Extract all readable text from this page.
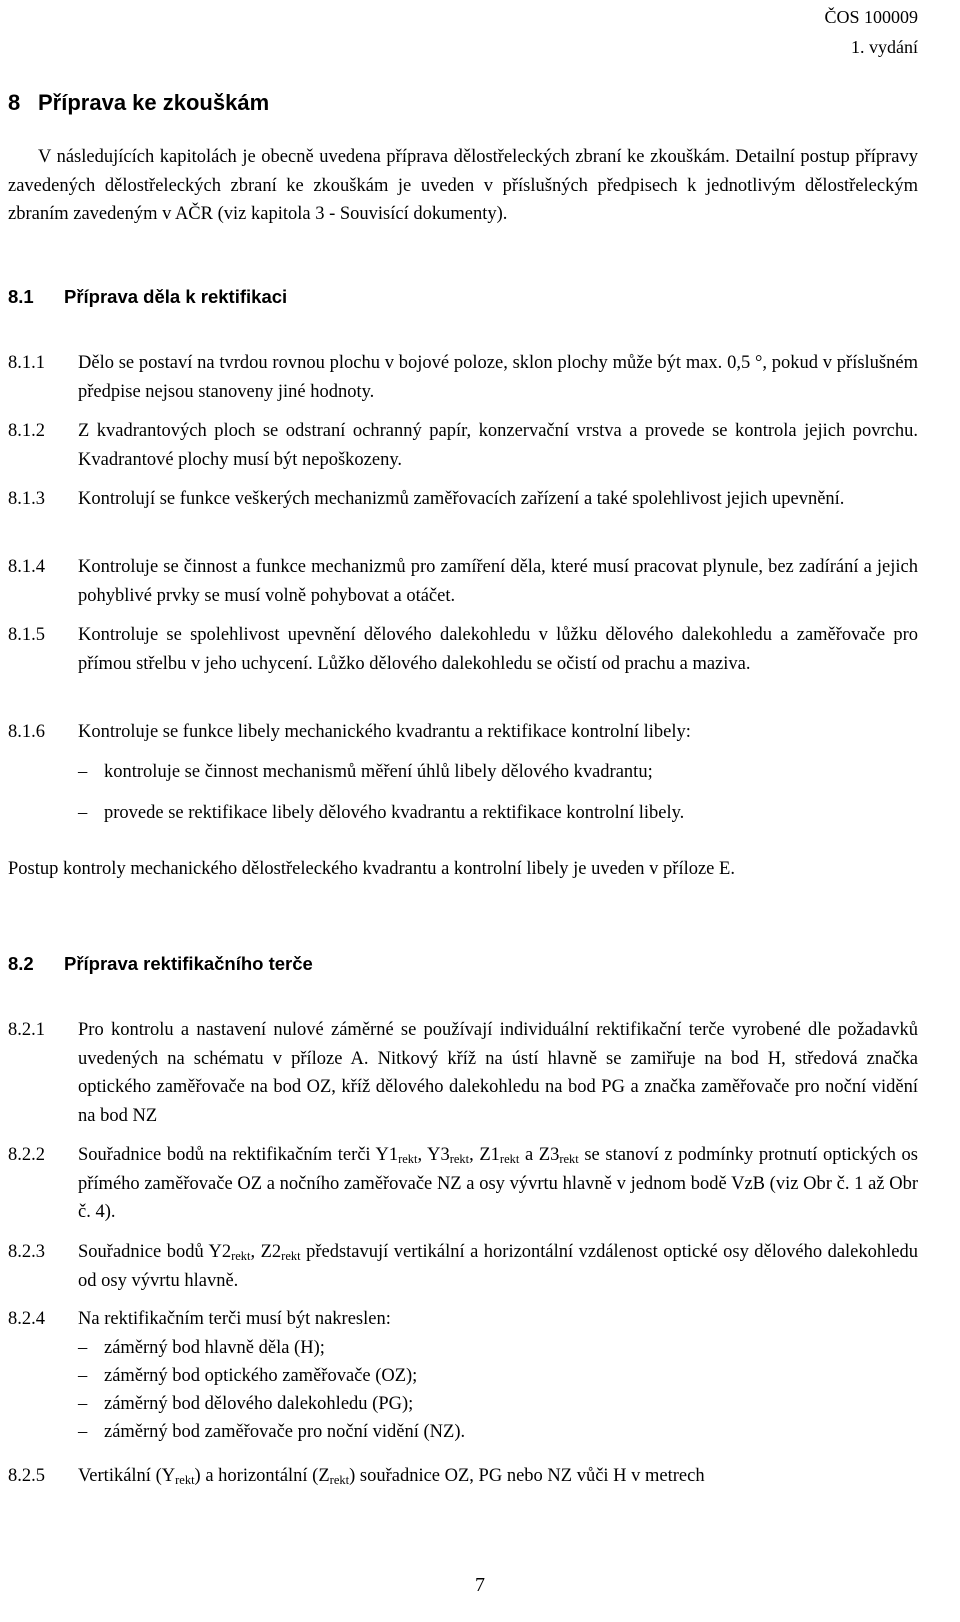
ČOS 100009
1. vydání
8 Příprava ke zkouškám
V následujících kapitolách je obecně uvedena příprava dělostřeleckých zbraní ke zkouškám. Detailní postup přípravy zavedených dělostřeleckých zbraní ke zkouškám je uveden v příslušných předpisech k jednotlivým dělostřeleckým zbraním zavedeným v AČR (viz kapitola 3 - Souvisící dokumenty).
8.1 Příprava děla k rektifikaci
8.1.1 Dělo se postaví na tvrdou rovnou plochu v bojové poloze, sklon plochy může být max. 0,5 °, pokud v příslušném předpise nejsou stanoveny jiné hodnoty.
8.1.2 Z kvadrantových ploch se odstraní ochranný papír, konzervační vrstva a provede se kontrola jejich povrchu. Kvadrantové plochy musí být nepoškozeny.
8.1.3 Kontrolují se funkce veškerých mechanizmů zaměřovacích zařízení a také spolehlivost jejich upevnění.
8.1.4 Kontroluje se činnost a funkce mechanizmů pro zamíření děla, které musí pracovat plynule, bez zadírání a jejich pohyblivé prvky se musí volně pohybovat a otáčet.
8.1.5 Kontroluje se spolehlivost upevnění dělového dalekohledu v lůžku dělového dalekohledu a zaměřovače pro přímou střelbu v jeho uchycení. Lůžko dělového dalekohledu se očistí od prachu a maziva.
8.1.6 Kontroluje se funkce libely mechanického kvadrantu a rektifikace kontrolní libely:
– kontroluje se činnost mechanismů měření úhlů libely dělového kvadrantu;
– provede se rektifikace libely dělového kvadrantu a rektifikace kontrolní libely.
Postup kontroly mechanického dělostřeleckého kvadrantu a kontrolní libely je uveden v příloze E.
8.2 Příprava rektifikačního terče
8.2.1 Pro kontrolu a nastavení nulové záměrné se používají individuální rektifikační terče vyrobené dle požadavků uvedených na schématu v příloze A. Nitkový kříž na ústí hlavně se zamiřuje na bod H, středová značka optického zaměřovače na bod OZ, kříž dělového dalekohledu na bod PG a značka zaměřovače pro noční vidění na bod NZ
8.2.2 Souřadnice bodů na rektifikačním terči $Y1_{rekt}$, $Y3_{rekt}$, $Z1_{rekt}$ a $Z3_{rekt}$ se stanoví z podmínky protnutí optických os přímého zaměřovače OZ a nočního zaměřovače NZ a osy vývrtu hlavně v jednom bodě VzB (viz Obr č. 1 až Obr č. 4).
8.2.3 Souřadnice bodů $Y2_{rekt}$, $Z2_{rekt}$ představují vertikální a horizontální vzdálenost optické osy dělového dalekohledu od osy vývrtu hlavně.
8.2.4 Na rektifikačním terči musí být nakreslen:
– záměrný bod hlavně děla (H);
– záměrný bod optického zaměřovače (OZ);
– záměrný bod dělového dalekohledu (PG);
– záměrný bod zaměřovače pro noční vidění (NZ).
8.2.5 Vertikální $(Y_{rekt})$ a horizontální $(Z_{rekt})$ souřadnice OZ, PG nebo NZ vůči H v metrech
7
